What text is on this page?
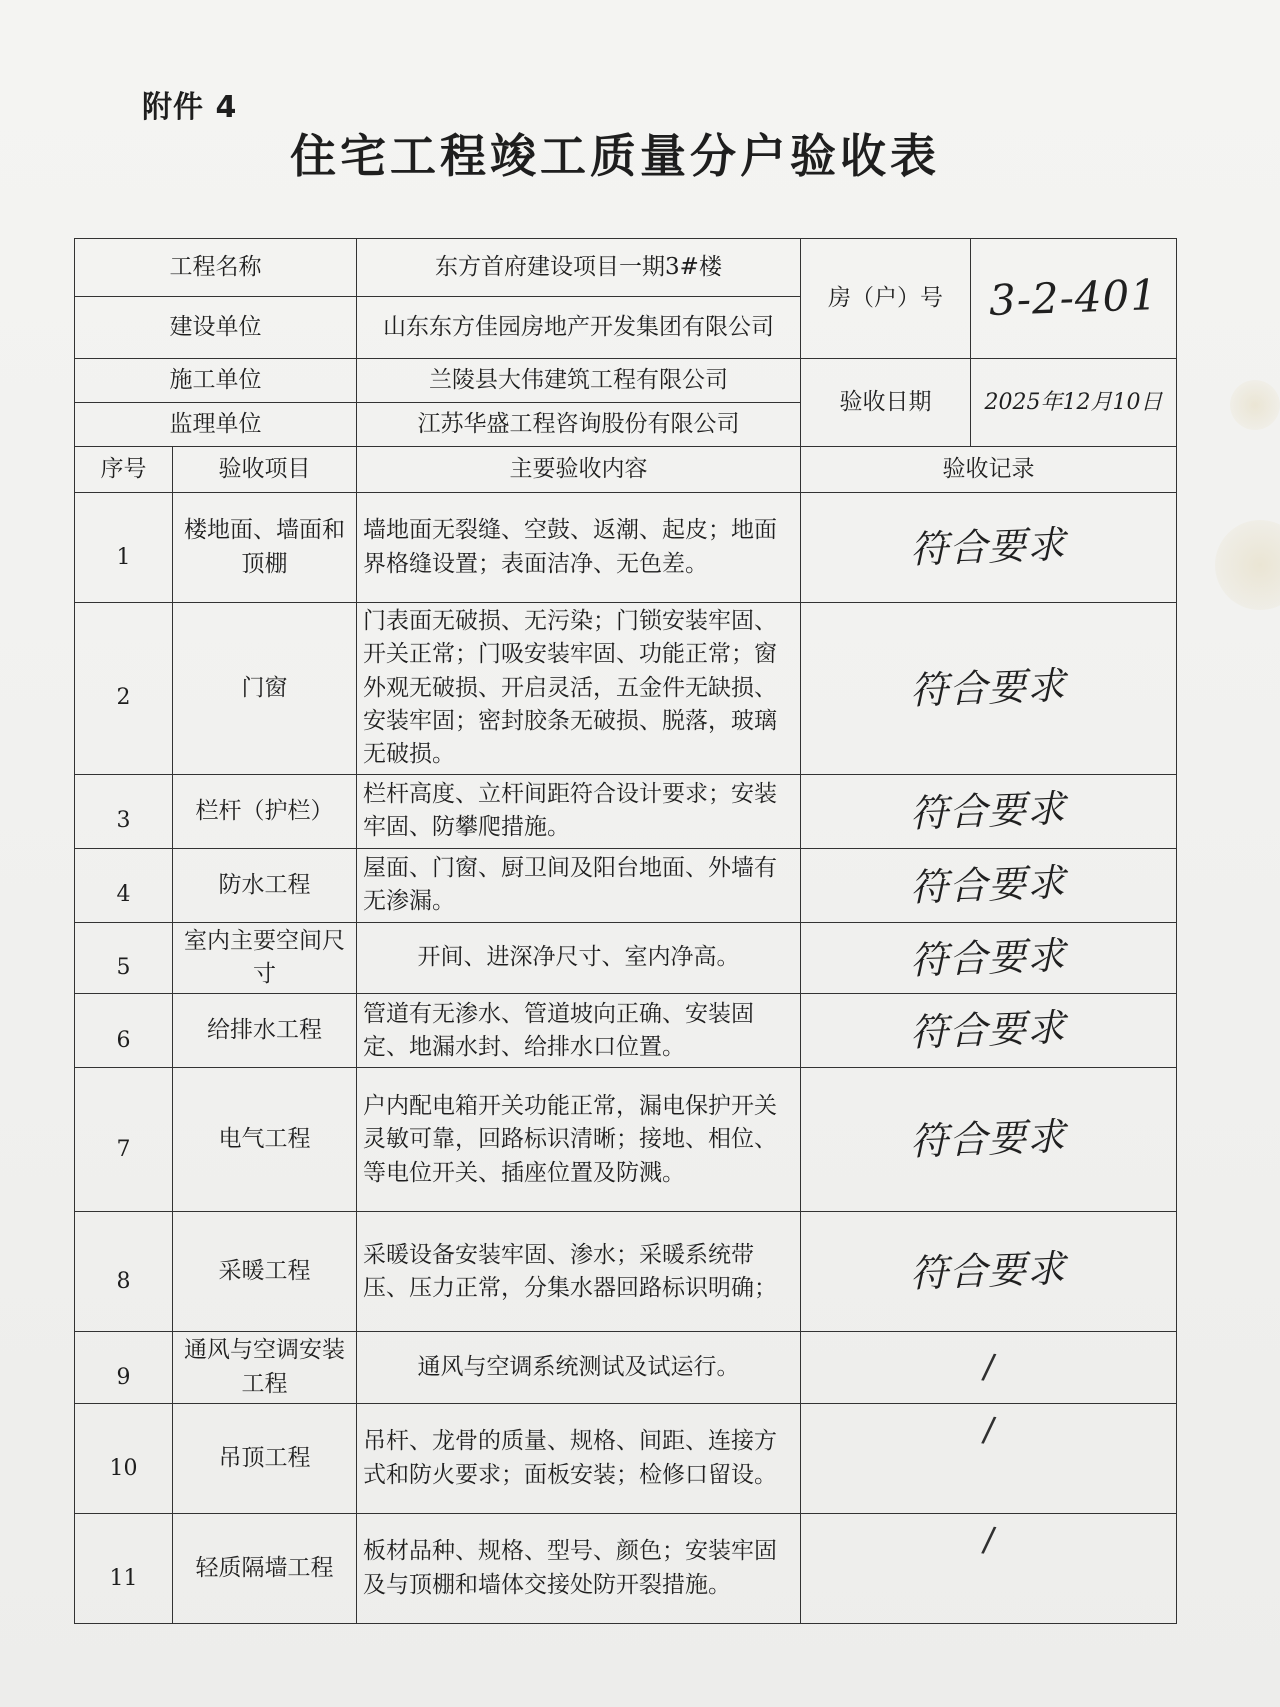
附件 4
住宅工程竣工质量分户验收表
工程名称		东方首府建设项目一期3#楼	房（户）号	3-2-401
建设单位		山东东方佳园房地产开发集团有限公司		
施工单位		兰陵县大伟建筑工程有限公司	验收日期	2025年12月10日
监理单位		江苏华盛工程咨询股份有限公司		
序号	验收项目	主要验收内容	验收记录	
1	楼地面、墙面和顶棚	墙地面无裂缝、空鼓、返潮、起皮；地面界格缝设置；表面洁净、无色差。	符合要求	
2	门窗	门表面无破损、无污染；门锁安装牢固、开关正常；门吸安装牢固、功能正常；窗外观无破损、开启灵活，五金件无缺损、 安装牢固；密封胶条无破损、脱落，玻璃无破损。	符合要求	
3	栏杆（护栏）	栏杆高度、立杆间距符合设计要求；安装牢固、防攀爬措施。	符合要求	
4	防水工程	屋面、门窗、厨卫间及阳台地面、外墙有无渗漏。	符合要求	
5	室内主要空间尺寸	开间、进深净尺寸、室内净高。	符合要求	
6	给排水工程	管道有无渗水、管道坡向正确、安装固定、地漏水封、给排水口位置。	符合要求	
7	电气工程	户内配电箱开关功能正常，漏电保护开关灵敏可靠，回路标识清晰；接地、相位、等电位开关、插座位置及防溅。	符合要求	
8	采暖工程	采暖设备安装牢固、渗水；采暖系统带压、压力正常，分集水器回路标识明确；	符合要求	
9	通风与空调安装工程	通风与空调系统测试及试运行。	/	
10	吊顶工程	吊杆、龙骨的质量、规格、间距、连接方式和防火要求；面板安装；检修口留设。	/	
11	轻质隔墙工程	板材品种、规格、型号、颜色；安装牢固及与顶棚和墙体交接处防开裂措施。	/	
